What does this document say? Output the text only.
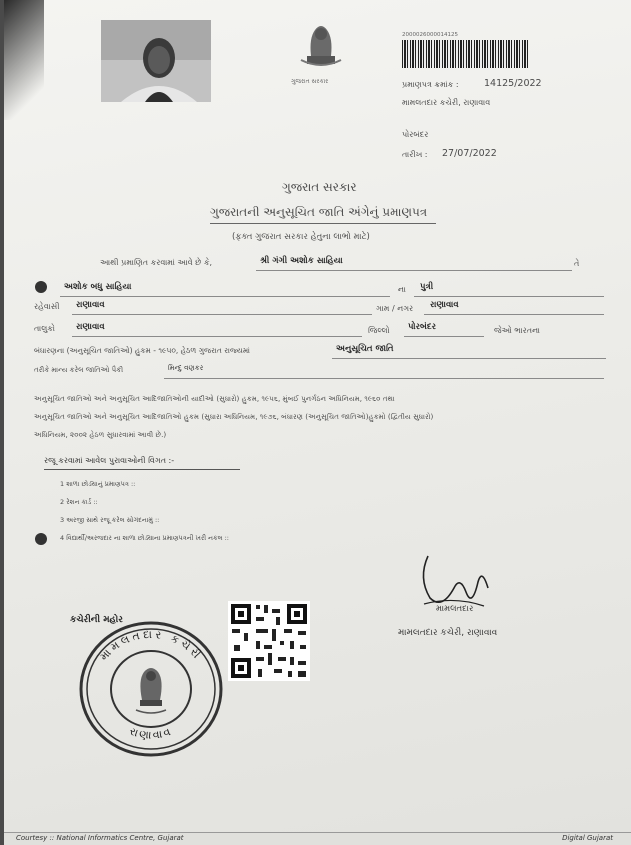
ગુજરાત સરકાર
2000026000014125
પ્રમાણપત્ર ક્રમાંક :	14125/2022
મામલતદાર કચેરી, રાણાવાવ
પોરબંદર
તારીખ : 27/07/2022
ગુજરાત સરકાર
ગુજરાતની અનુસૂચિત જાતિ અંગેનું પ્રમાણપત્ર
(ફક્ત ગુજરાત સરકાર હેતુના લાભો માટે)
આથી પ્રમાણિત કરવામાં આવે છે કે,	શ્રી ગંગી અશોક સાહિયા	તે
અશોક બધુ સાહિયા	ના પુત્રી
રહેવાસી રાણાવાવ	ગામ / નગર રાણાવાવ
તાલુકો રાણાવાવ	જિલ્લો પોરબંદર	જેઓ ભારતના
બંધારણના (અનુસૂચિત જાતિઓ) હુકમ - ૧૯૫૦, હેઠળ ગુજરાત રાજ્યમાં	અનુસૂચિત જાતિ
તરીકે માન્ય કરેલ જાતિઓ પૈકી	મિન્દુ વણકર
અનુસૂચિત જાતિઓ અને અનુસૂચિત આદિજાતિઓની યાદીઓ (સુધારો) હુકમ, ૧૯૫૬, મુંબઈ પુનર્ગઠન અધિનિયમ, ૧૯૬૦ તથા
અનુસૂચિત જાતિઓ અને અનુસૂચિત આદિજાતિઓ હુકમ (સુધારા અધિનિયમ, ૧૯૭૬, બંધારણ (અનુસૂચિત જાતિઓ)હુકમો (દ્વિતીય સુધારો)
અધિનિયમ, ૨૦૦૨ હેઠળ સુધારવામાં આવી છે.)
રજૂ કરવામાં આવેલ પુરાવાઓની વિગત :-
1 શાળા છોડ્યાનું પ્રમાણપત્ર ::
2 રેશન કાર્ડ ::
3 અરજી સાથે રજૂ કરેલ સોગંદનામું ::
4 વિદ્યાર્થી/અરજદાર ના શાળા છોડ્યાના પ્રમાણપત્રની ખરી નકલ ::
મામલતદાર
મામલતદાર કચેરી, રાણાવાવ
કચેરીની મહોર
મામલતદાર કચેરી
રાણાવાવ
Courtesy :: National Informatics Centre, Gujarat	Digital Gujarat
